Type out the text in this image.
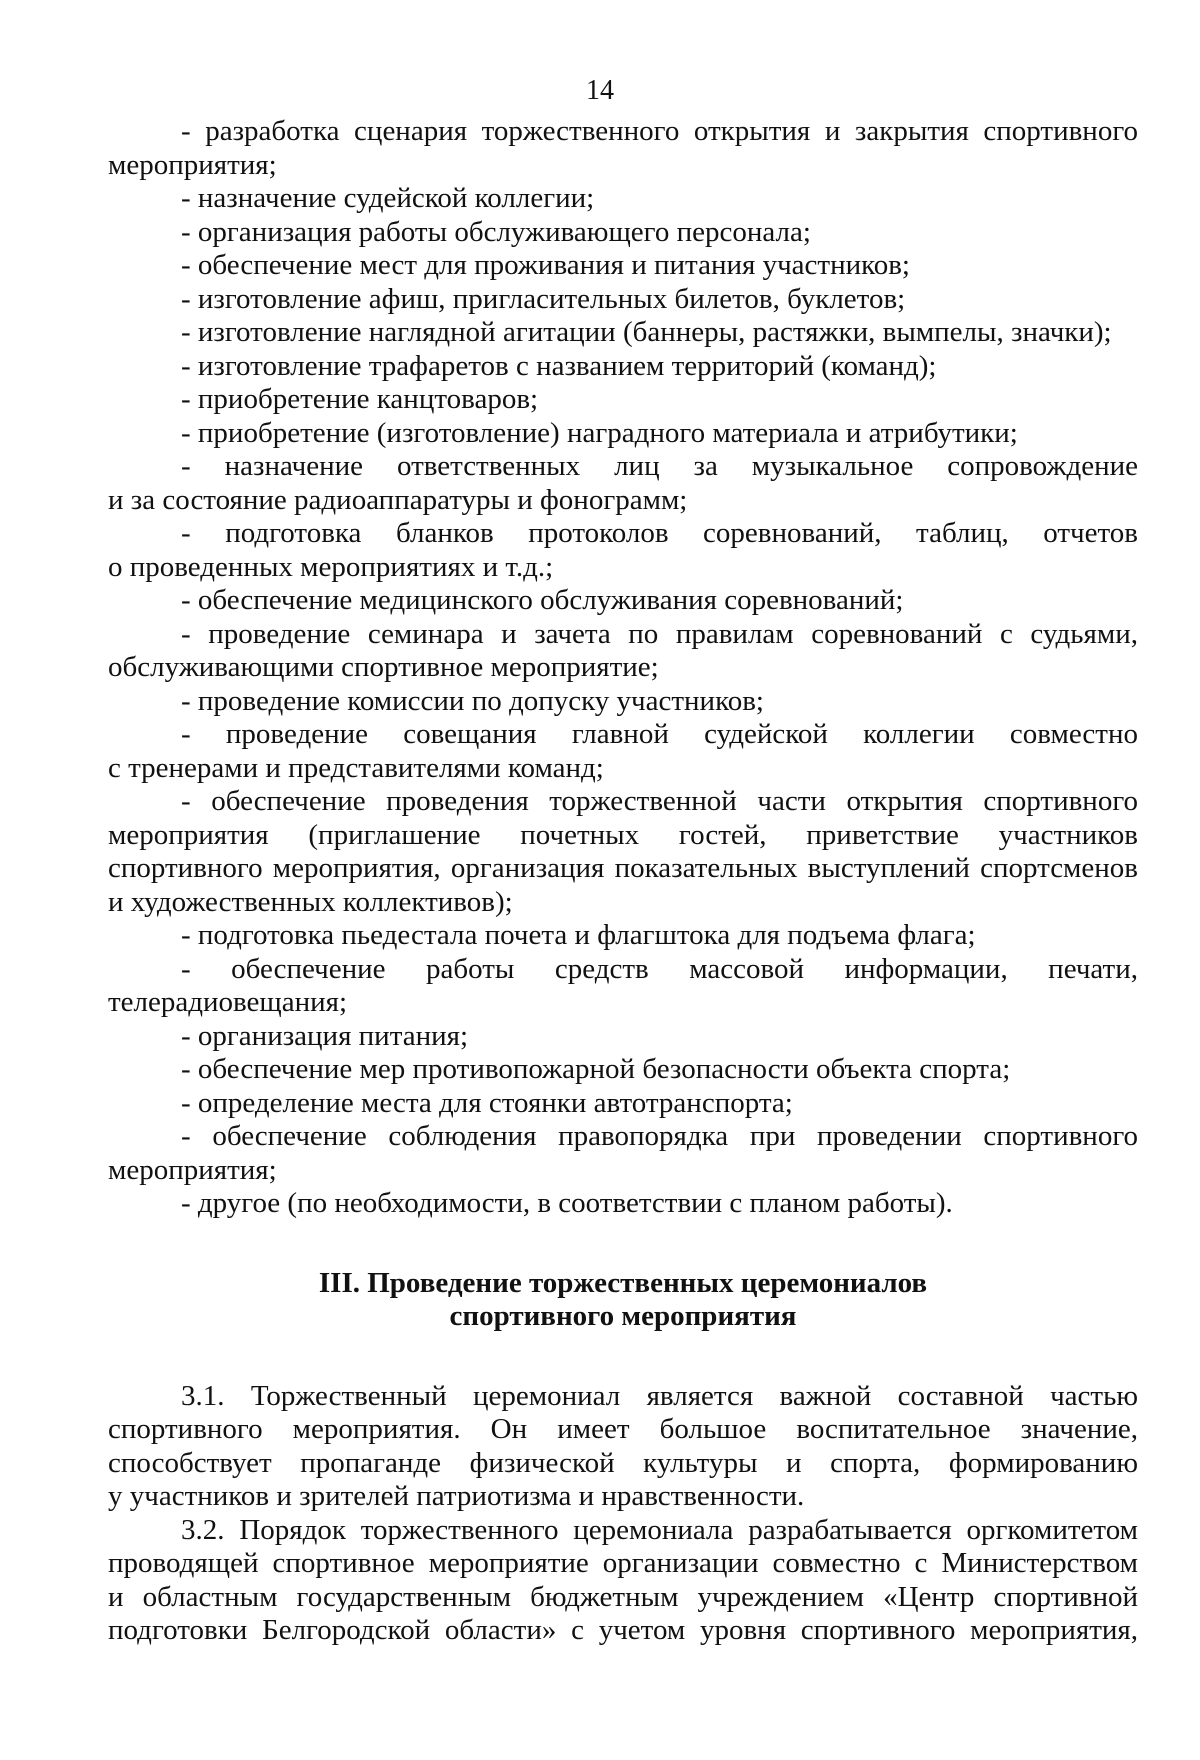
14
- разработка сценария торжественного открытия и закрытия спортивного
мероприятия;
- назначение судейской коллегии;
- организация работы обслуживающего персонала;
- обеспечение мест для проживания и питания участников;
- изготовление афиш, пригласительных билетов, буклетов;
- изготовление наглядной агитации (баннеры, растяжки, вымпелы, значки);
- изготовление трафаретов с названием территорий (команд);
- приобретение канцтоваров;
- приобретение (изготовление) наградного материала и атрибутики;
- назначение ответственных лиц за музыкальное сопровождение
и за состояние радиоаппаратуры и фонограмм;
- подготовка бланков протоколов соревнований, таблиц, отчетов
о проведенных мероприятиях и т.д.;
- обеспечение медицинского обслуживания соревнований;
- проведение семинара и зачета по правилам соревнований с судьями,
обслуживающими спортивное мероприятие;
- проведение комиссии по допуску участников;
- проведение совещания главной судейской коллегии совместно
с тренерами и представителями команд;
- обеспечение проведения торжественной части открытия спортивного
мероприятия (приглашение почетных гостей, приветствие участников
спортивного мероприятия, организация показательных выступлений спортсменов
и художественных коллективов);
- подготовка пьедестала почета и флагштока для подъема флага;
- обеспечение работы средств массовой информации, печати,
телерадиовещания;
- организация питания;
- обеспечение мер противопожарной безопасности объекта спорта;
- определение места для стоянки автотранспорта;
- обеспечение соблюдения правопорядка при проведении спортивного
мероприятия;
- другое (по необходимости, в соответствии с планом работы).
III. Проведение торжественных церемониалов
спортивного мероприятия
3.1. Торжественный церемониал является важной составной частью
спортивного мероприятия. Он имеет большое воспитательное значение,
способствует пропаганде физической культуры и спорта, формированию
у участников и зрителей патриотизма и нравственности.
3.2. Порядок торжественного церемониала разрабатывается оргкомитетом
проводящей спортивное мероприятие организации совместно с Министерством
и областным государственным бюджетным учреждением «Центр спортивной
подготовки Белгородской области» с учетом уровня спортивного мероприятия,
